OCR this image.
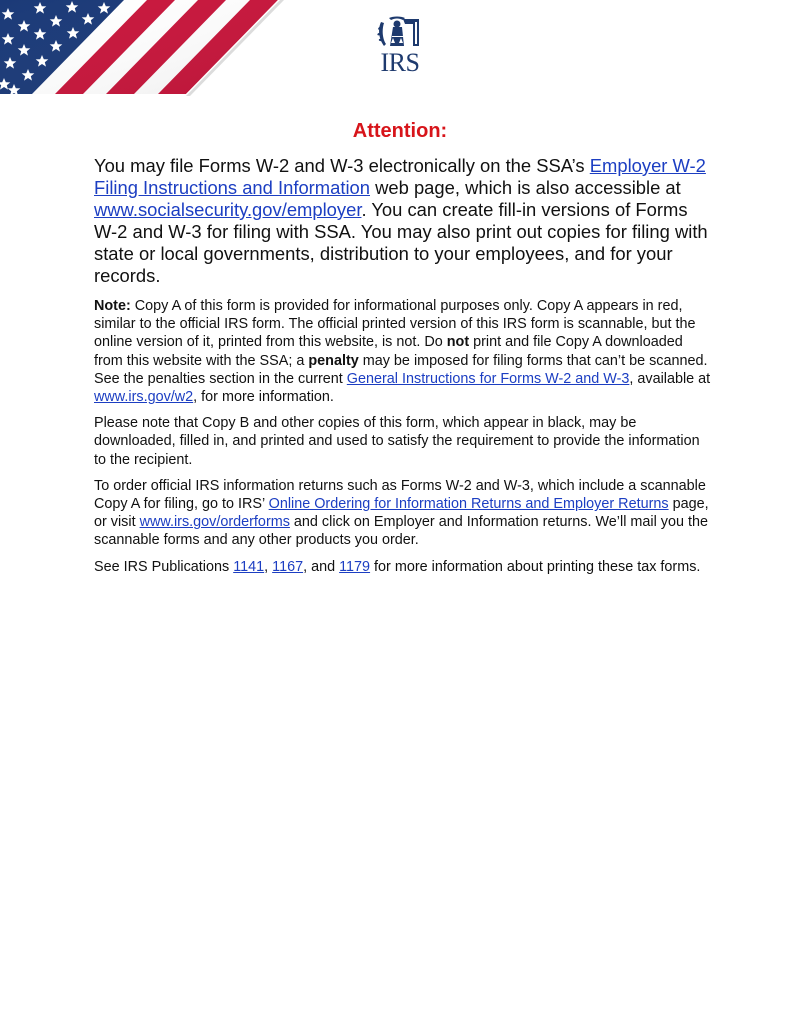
IRS
Attention:

You may file Forms W-2 and W-3 electronically on the SSA’s Employer W-2 Filing Instructions and Information web page, which is also accessible at www.socialsecurity.gov/employer. You can create fill-in versions of Forms W-2 and W-3 for filing with SSA. You may also print out copies for filing with state or local governments, distribution to your employees, and for your records.

Note: Copy A of this form is provided for informational purposes only. Copy A appears in red, similar to the official IRS form. The official printed version of this IRS form is scannable, but the online version of it, printed from this website, is not. Do not print and file Copy A downloaded from this website with the SSA; a penalty may be imposed for filing forms that can’t be scanned. See the penalties section in the current General Instructions for Forms W-2 and W-3, available at www.irs.gov/w2, for more information.

Please note that Copy B and other copies of this form, which appear in black, may be downloaded, filled in, and printed and used to satisfy the requirement to provide the information to the recipient.

To order official IRS information returns such as Forms W-2 and W-3, which include a scannable Copy A for filing, go to IRS’ Online Ordering for Information Returns and Employer Returns page, or visit www.irs.gov/orderforms and click on Employer and Information returns. We’ll mail you the scannable forms and any other products you order.

See IRS Publications 1141, 1167, and 1179 for more information about printing these tax forms.
